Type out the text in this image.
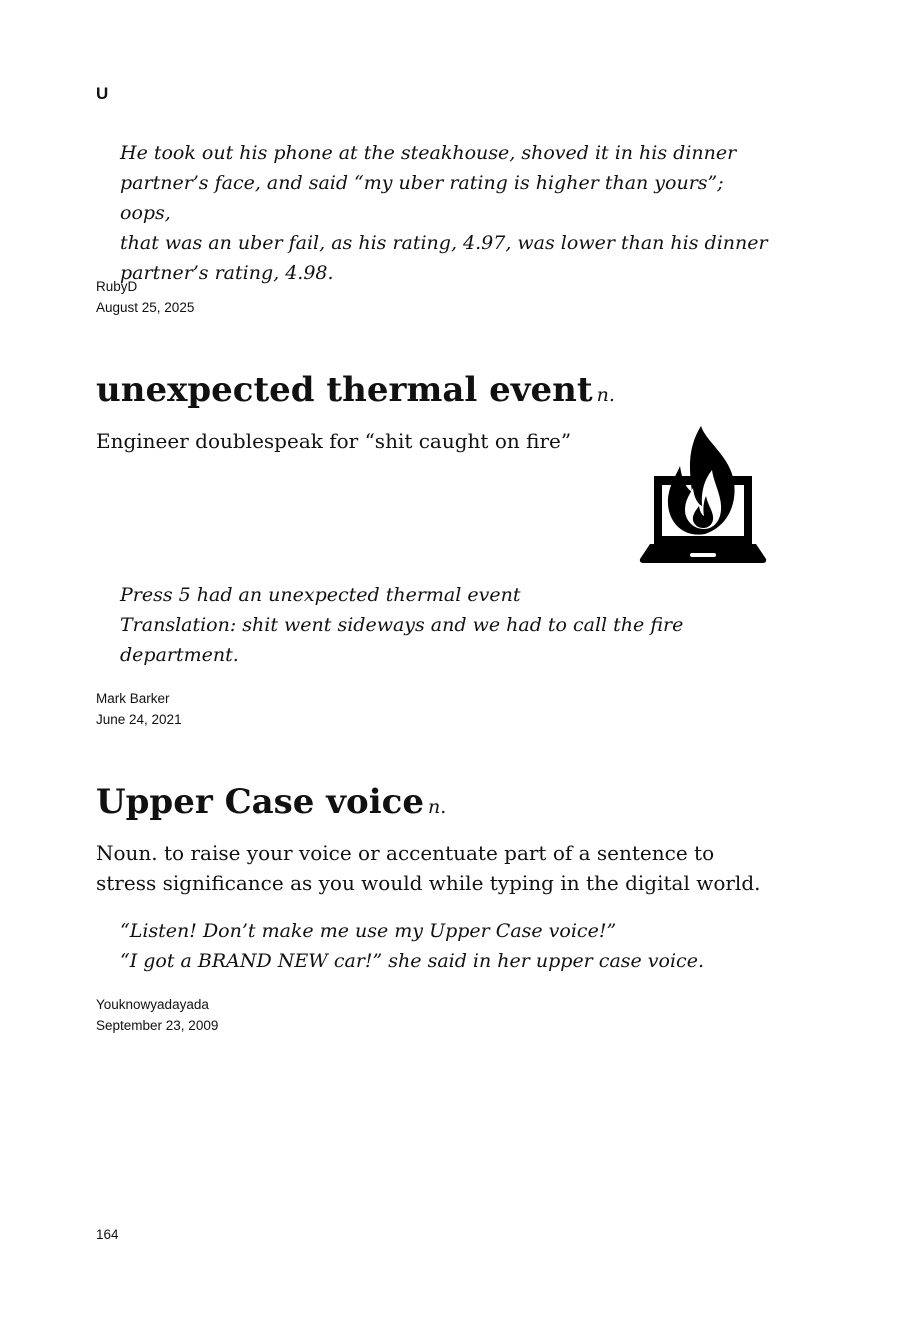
U
He took out his phone at the steakhouse, shoved it in his dinner
partner’s face, and said “my uber rating is higher than yours”; oops,
that was an uber fail, as his rating, 4.97, was lower than his dinner
partner’s rating, 4.98.
RubyD
August 25, 2025
unexpected thermal event n.

Engineer doublespeak for “shit caught on fire”

Press 5 had an unexpected thermal event
Translation: shit went sideways and we had to call the fire
department.
Mark Barker
June 24, 2021
Upper Case voice n.

Noun. to raise your voice or accentuate part of a sentence to stress significance as you would while typing in the digital world.

“Listen! Don’t make me use my Upper Case voice!”
“I got a BRAND NEW car!” she said in her upper case voice.
Youknowyadayada
September 23, 2009

164
